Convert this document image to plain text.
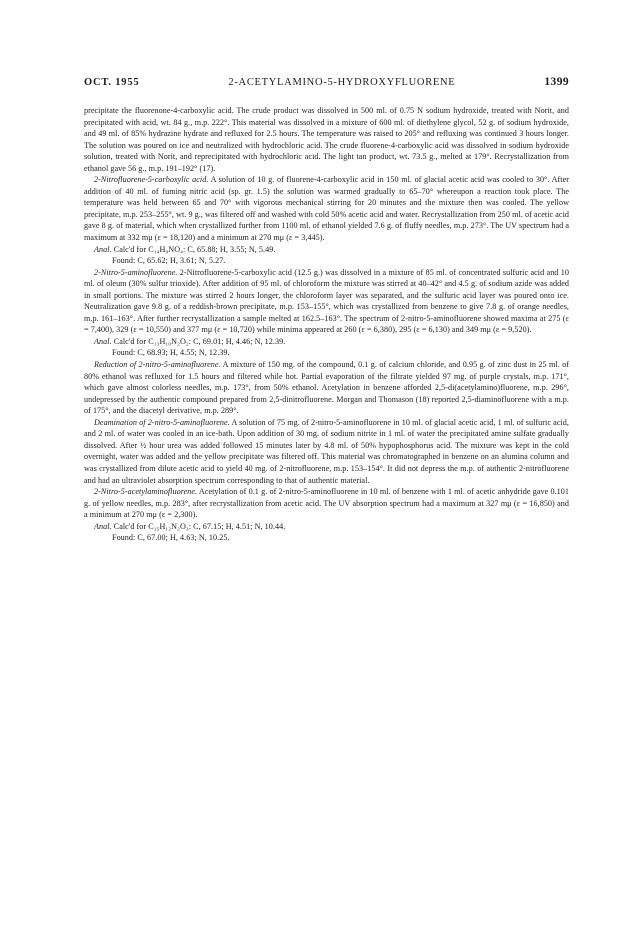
OCT. 1955	2-ACETYLAMINO-5-HYDROXYFLUORENE	1399

precipitate the fluorenone-4-carboxylic acid. The crude product was dissolved in 500 ml. of 0.75 N sodium hydroxide, treated with Norit, and precipitated with acid, wt. 84 g., m.p. 222°. This material was dissolved in a mixture of 600 ml. of diethylene glycol, 52 g. of sodium hydroxide, and 49 ml. of 85% hydrazine hydrate and refluxed for 2.5 hours. The temperature was raised to 205° and refluxing was continued 3 hours longer. The solution was poured on ice and neutralized with hydrochloric acid. The crude fluorene-4-carboxylic acid was dissolved in sodium hydroxide solution, treated with Norit, and reprecipitated with hydrochloric acid. The light tan product, wt. 73.5 g., melted at 179°. Recrystallization from ethanol gave 56 g., m.p. 191–192° (17).

2-Nitrofluorene-5-carboxylic acid. A solution of 10 g. of fluorene-4-carboxylic acid in 150 ml. of glacial acetic acid was cooled to 30°. After addition of 40 ml. of fuming nitric acid (sp. gr. 1.5) the solution was warmed gradually to 65–70° whereupon a reaction took place. The temperature was held between 65 and 70° with vigorous mechanical stirring for 20 minutes and the mixture then was cooled. The yellow precipitate, m.p. 253–255°, wt. 9 g., was filtered off and washed with cold 50% acetic acid and water. Recrystallization from 250 ml. of acetic acid gave 8 g. of material, which when crystallized further from 1100 ml. of ethanol yielded 7.6 g. of fluffy needles, m.p. 273°. The UV spectrum had a maximum at 332 mμ (ε = 18,120) and a minimum at 270 mμ (ε = 3,445).

Anal. Calc'd for C₁₄H₉NO₄: C, 65.88; H, 3.55; N, 5.49.

Found: C, 65.62; H, 3.61; N, 5.27.

2-Nitro-5-aminofluorene. 2-Nitrofluorene-5-carboxylic acid (12.5 g.) was dissolved in a mixture of 85 ml. of concentrated sulfuric acid and 10 ml. of oleum (30% sulfur trioxide). After addition of 95 ml. of chloroform the mixture was stirred at 40–42° and 4.5 g. of sodium azide was added in small portions. The mixture was stirred 2 hours longer, the chloroform layer was separated, and the sulfuric acid layer was poured onto ice. Neutralization gave 9.8 g. of a reddish-brown precipitate, m.p. 153–155°, which was crystallized from benzene to give 7.8 g. of orange needles, m.p. 161–163°. After further recrystallization a sample melted at 162.5–163°. The spectrum of 2-nitro-5-aminofluorene showed maxima at 275 (ε = 7,400), 329 (ε = 10,550) and 377 mμ (ε = 10,720) while minima appeared at 260 (ε = 6,380), 295 (ε = 6,130) and 349 mμ (ε = 9,520).

Anal. Calc'd for C₁₃H₁₀N₂O₂: C, 69.01; H, 4.46; N, 12.39.

Found: C, 68.93; H, 4.55; N, 12.39.

Reduction of 2-nitro-5-aminofluorene. A mixture of 150 mg. of the compound, 0.1 g. of calcium chloride, and 0.95 g. of zinc dust in 25 ml. of 80% ethanol was refluxed for 1.5 hours and filtered while hot. Partial evaporation of the filtrate yielded 97 mg. of purple crystals, m.p. 171°, which gave almost colorless needles, m.p. 173°, from 50% ethanol. Acetylation in benzene afforded 2,5-di(acetylamino)fluorene, m.p. 296°, undepressed by the authentic compound prepared from 2,5-dinitrofluorene. Morgan and Thomason (18) reported 2,5-diaminofluorene with a m.p. of 175°, and the diacetyl derivative, m.p. 289°.

Deamination of 2-nitro-5-aminofluorene. A solution of 75 mg. of 2-nitro-5-aminofluorene in 10 ml. of glacial acetic acid, 1 ml. of sulfuric acid, and 2 ml. of water was cooled in an ice-bath. Upon addition of 30 mg. of sodium nitrite in 1 ml. of water the precipitated amine sulfate gradually dissolved. After ½ hour urea was added followed 15 minutes later by 4.8 ml. of 50% hypophosphorus acid. The mixture was kept in the cold overnight, water was added and the yellow precipitate was filtered off. This material was chromatographed in benzene on an alumina column and was crystallized from dilute acetic acid to yield 40 mg. of 2-nitrofluorene, m.p. 153–154°. It did not depress the m.p. of authentic 2-nitrofluorene and had an ultraviolet absorption spectrum corresponding to that of authentic material.

2-Nitro-5-acetylaminofluorene. Acetylation of 0.1 g. of 2-nitro-5-aminofluorene in 10 ml. of benzene with 1 ml. of acetic anhydride gave 0.101 g. of yellow needles, m.p. 283°, after recrystallization from acetic acid. The UV absorption spectrum had a maximum at 327 mμ (ε = 16,850) and a minimum at 270 mμ (ε = 2,300).

Anal. Calc'd for C₁₅H₁₂N₂O₃: C, 67.15; H, 4.51; N, 10.44.

Found: C, 67.00; H, 4.63; N, 10.25.
